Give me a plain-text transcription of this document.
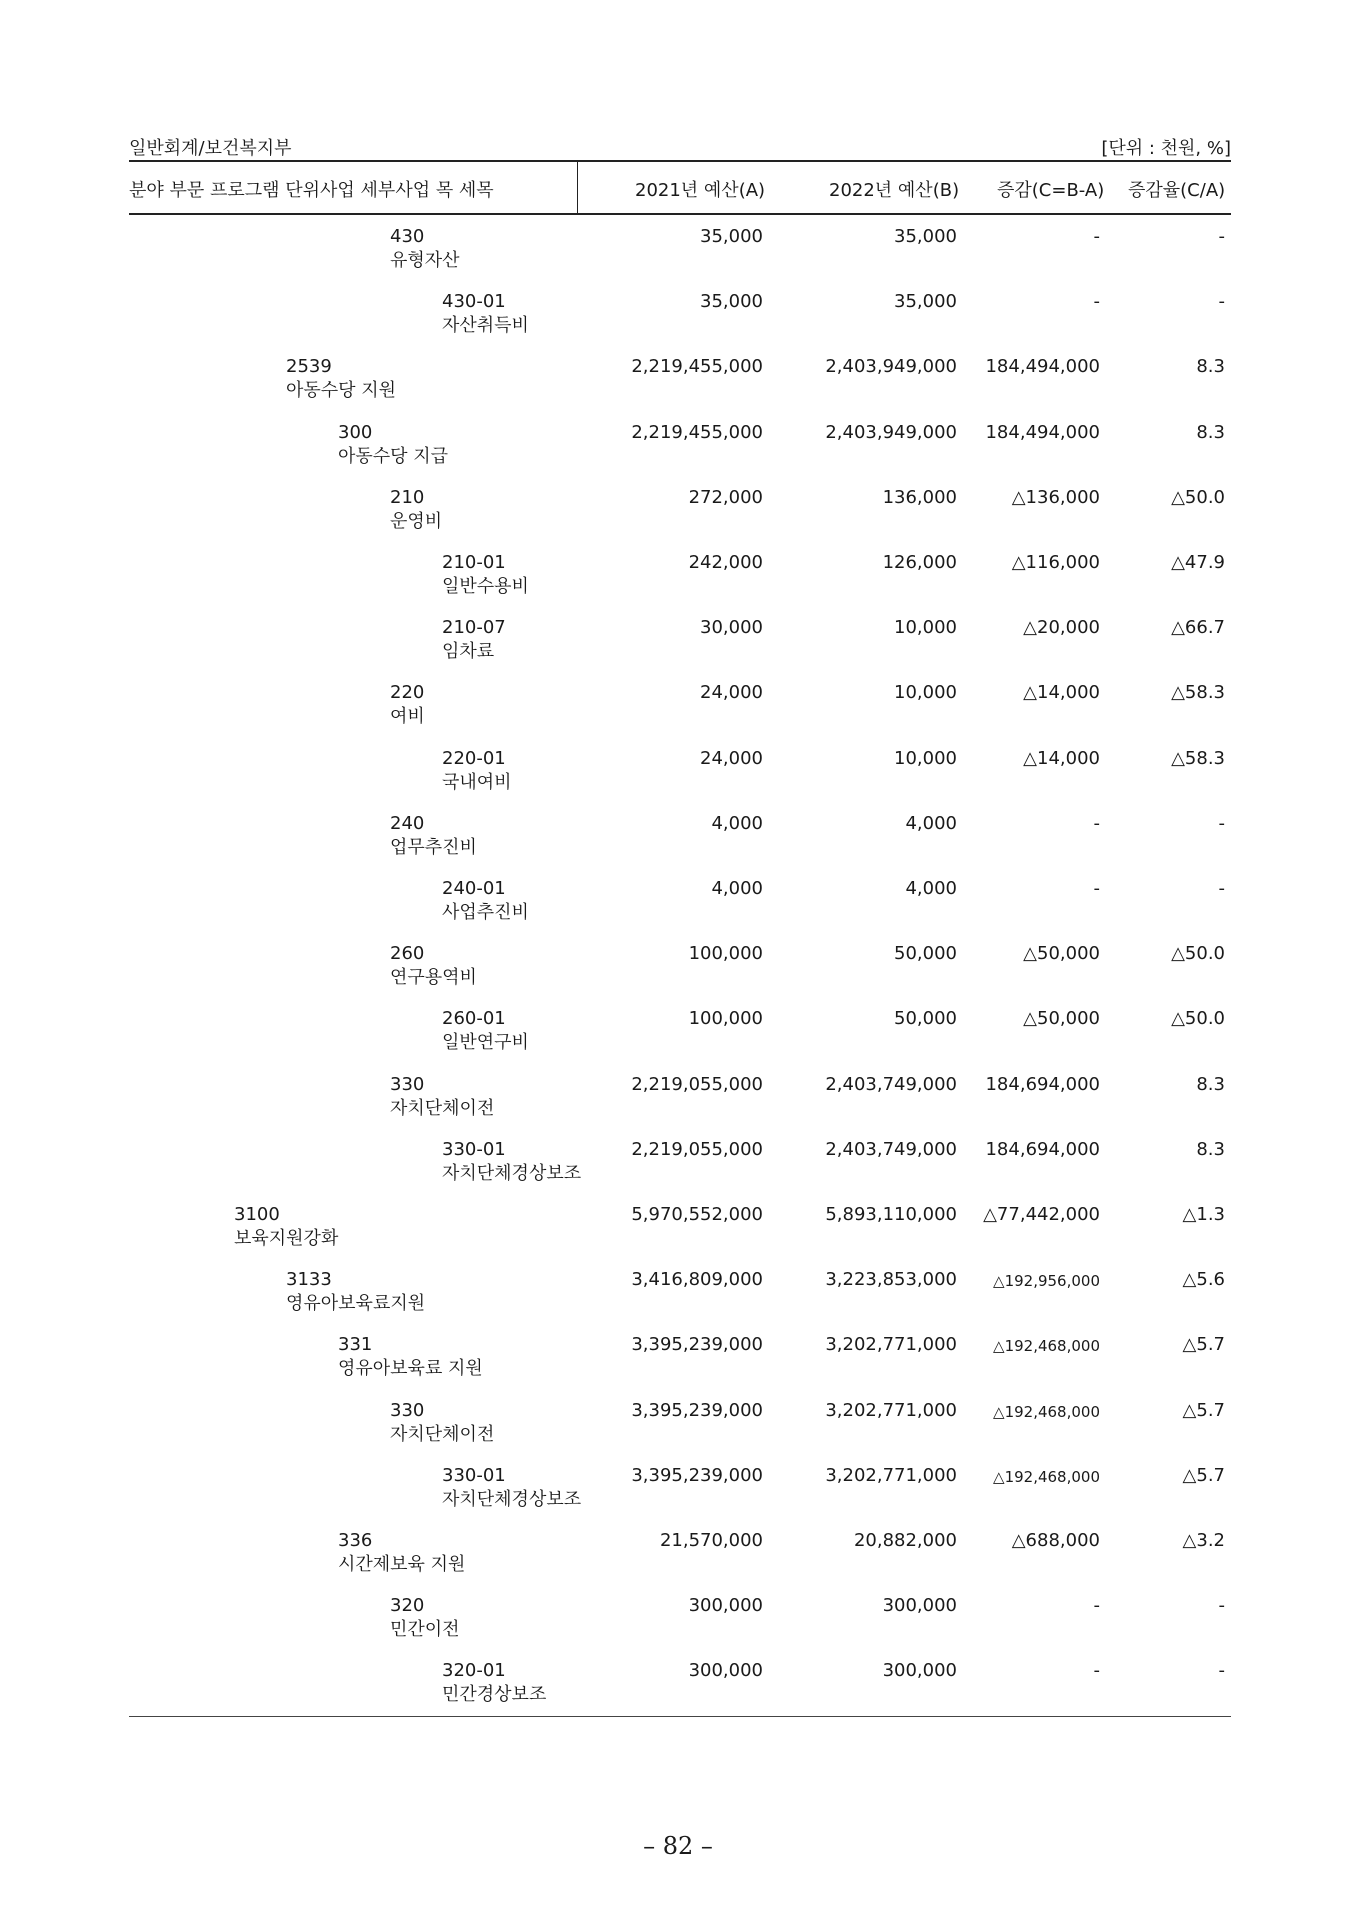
일반회계/보건복지부	[단위 : 천원, %]
분야 부문 프로그램 단위사업 세부사업 목 세목	2021년 예산(A)	2022년 예산(B) 증감(C=B-A) 증감율(C/A)
430
유형자산
35,000	35,000	-	-
430-01
자산취득비
35,000	35,000	-	-
2539
아동수당 지원
2,219,455,000	2,403,949,000 184,494,000	8.3
300
아동수당 지급
2,219,455,000	2,403,949,000 184,494,000	8.3
210
운영비
272,000	136,000	△136,000	△50.0
210-01
일반수용비
242,000	126,000	△116,000	△47.9
210-07
임차료
30,000	10,000	△20,000	△66.7
220
여비
24,000	10,000	△14,000	△58.3
220-01
국내여비
24,000	10,000	△14,000	△58.3
240
업무추진비
4,000	4,000	-	-
240-01
사업추진비
4,000	4,000	-	-
260
연구용역비
100,000	50,000	△50,000	△50.0
260-01
일반연구비
100,000	50,000	△50,000	△50.0
330
자치단체이전
2,219,055,000	2,403,749,000 184,694,000	8.3
330-01
자치단체경상보조
2,219,055,000	2,403,749,000 184,694,000	8.3
3100
보육지원강화
5,970,552,000	5,893,110,000 △77,442,000	△1.3
3133
영유아보육료지원
3,416,809,000	3,223,853,000 △192,956,000	△5.6
331
영유아보육료 지원
3,395,239,000	3,202,771,000 △192,468,000	△5.7
330
자치단체이전
3,395,239,000	3,202,771,000 △192,468,000	△5.7
330-01
자치단체경상보조
3,395,239,000	3,202,771,000 △192,468,000	△5.7
336
시간제보육 지원
21,570,000	20,882,000	△688,000	△3.2
320
민간이전
300,000	300,000	-	-
320-01
민간경상보조
300,000	300,000	-	-
– 82 –
